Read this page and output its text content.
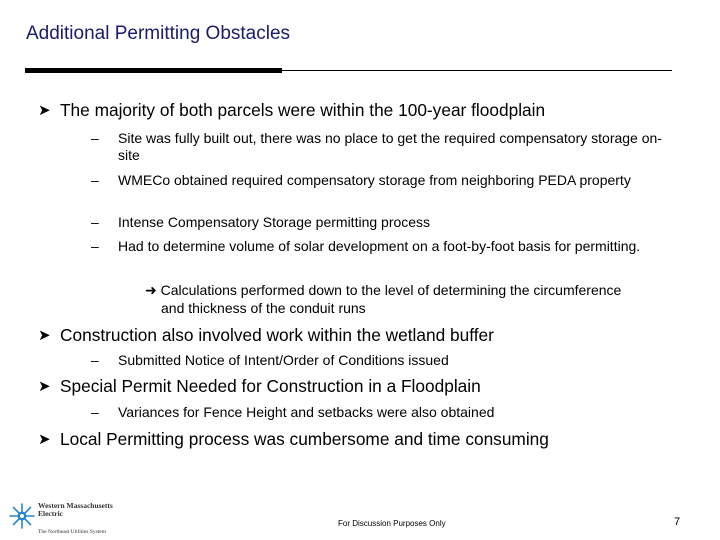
Additional Permitting Obstacles
➤ The majority of both parcels were within the 100-year floodplain
– Site was fully built out, there was no place to get the required compensatory storage on-site
– WMECo obtained required compensatory storage from neighboring PEDA property
– Intense Compensatory Storage permitting process
– Had to determine volume of solar development on a foot-by-foot basis for permitting.
➜ Calculations performed down to the level of determining the circumference and thickness of the conduit runs
➤ Construction also involved work within the wetland buffer
– Submitted Notice of Intent/Order of Conditions issued
➤ Special Permit Needed for Construction in a Floodplain
– Variances for Fence Height and setbacks were also obtained
➤ Local Permitting process was cumbersome and time consuming
Western Massachusetts Electric
The Northeast Utilities System
For Discussion Purposes Only	7
